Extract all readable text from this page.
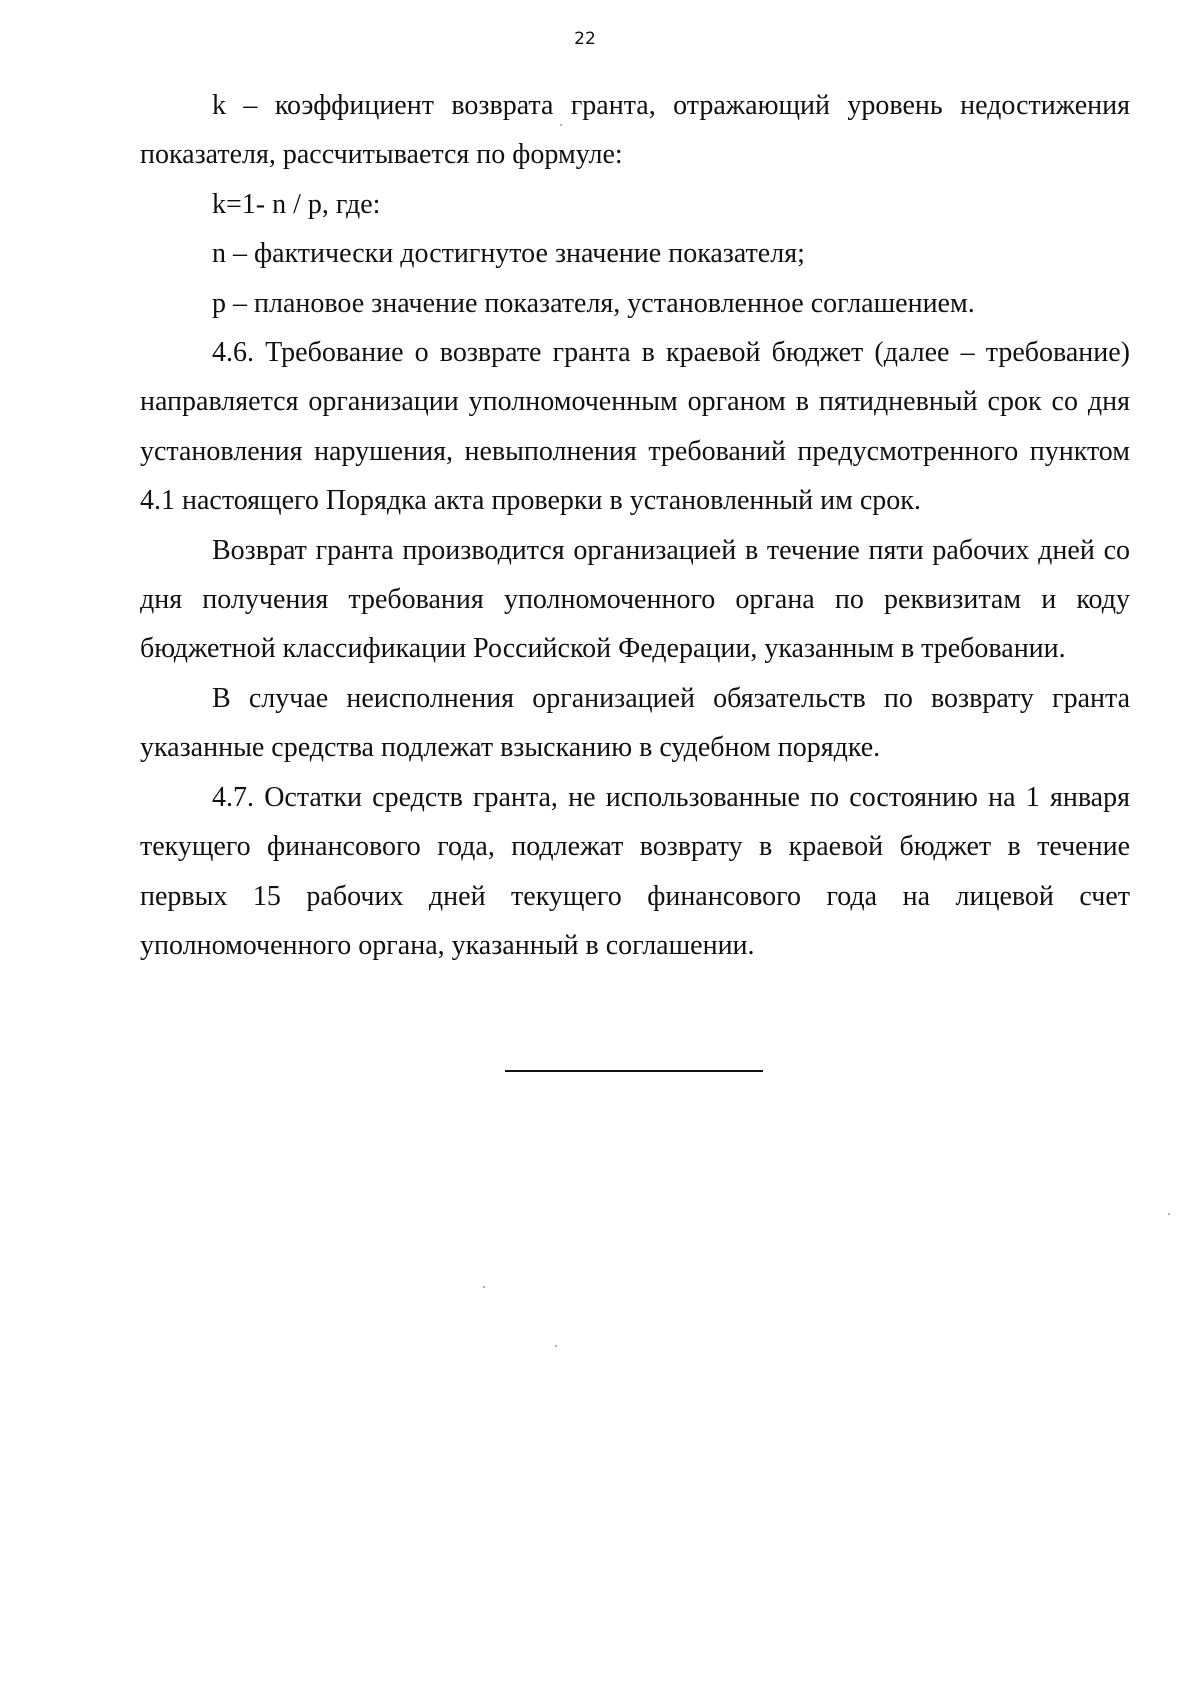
22

k – коэффициент возврата гранта, отражающий уровень недостижения показателя, рассчитывается по формуле:

k=1- n / p, где:

n – фактически достигнутое значение показателя;

p – плановое значение показателя, установленное соглашением.

4.6. Требование о возврате гранта в краевой бюджет (далее – требование) направляется организации уполномоченным органом в пятидневный срок со дня установления нарушения, невыполнения требований предусмотренного пунктом 4.1 настоящего Порядка акта проверки в установленный им срок.

Возврат гранта производится организацией в течение пяти рабочих дней со дня получения требования уполномоченного органа по реквизитам и коду бюджетной классификации Российской Федерации, указанным в требовании.

В случае неисполнения организацией обязательств по возврату гранта указанные средства подлежат взысканию в судебном порядке.

4.7. Остатки средств гранта, не использованные по состоянию на 1 января текущего финансового года, подлежат возврату в краевой бюджет в течение первых 15 рабочих дней текущего финансового года на лицевой счет уполномоченного органа, указанный в соглашении.
